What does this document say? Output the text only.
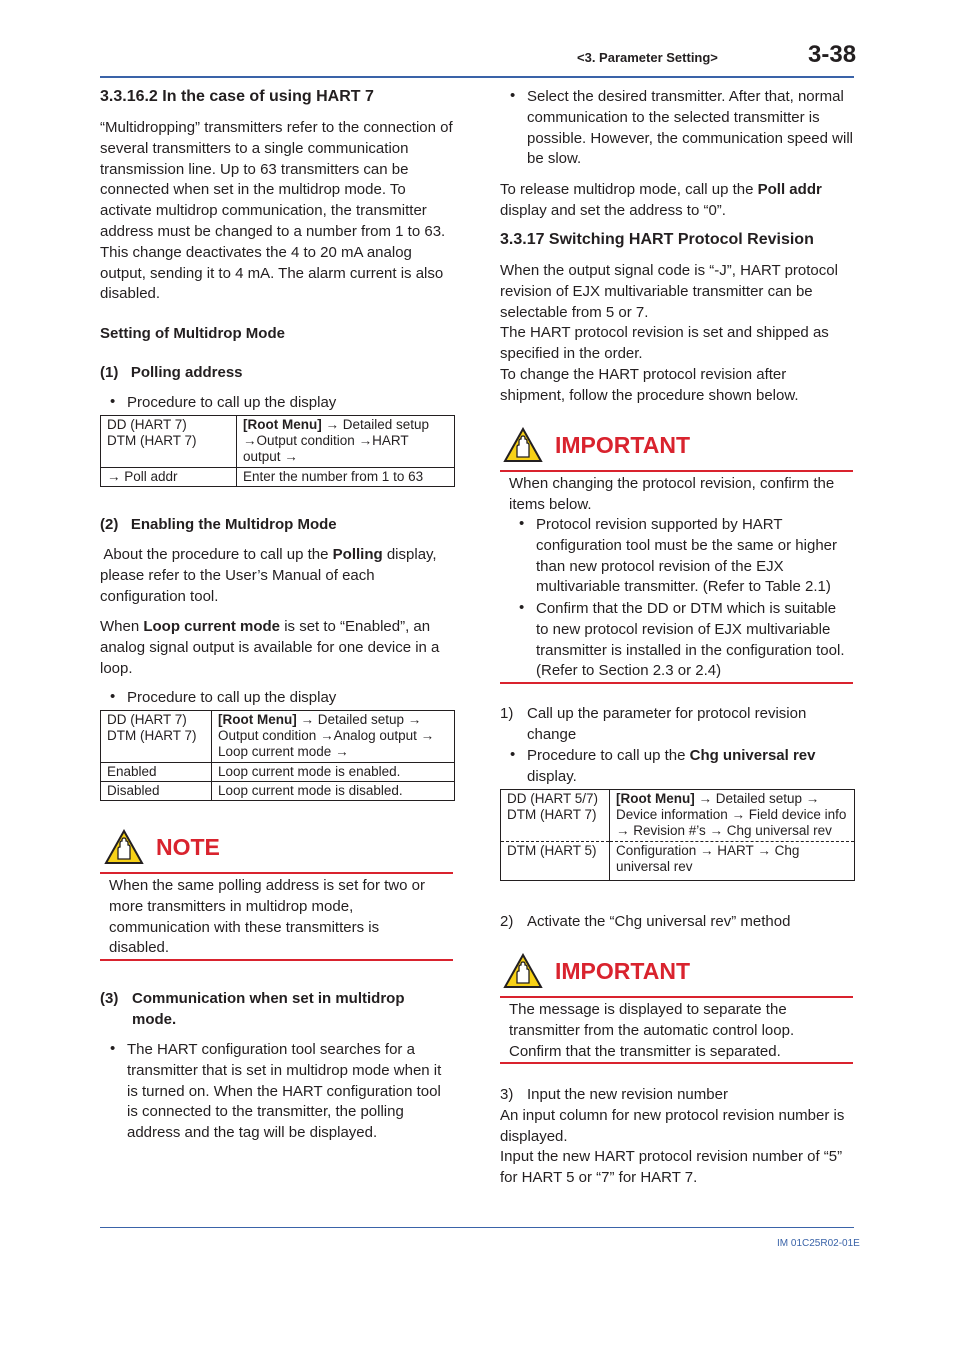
<3. Parameter Setting>	3-38
3.3.16.2 In the case of using HART 7
“Multidropping” transmitters refer to the connection of several transmitters to a single communication transmission line. Up to 63 transmitters can be connected when set in the multidrop mode. To activate multidrop communication, the transmitter address must be changed to a number from 1 to 63. This change deactivates the 4 to 20 mA analog output, sending it to 4 mA. The alarm current is also disabled.
Setting of Multidrop Mode
(1)   Polling address
• Procedure to call up the display
DD (HART 7)
DTM (HART 7)	[Root Menu] → Detailed setup →Output condition →HART output →
→ Poll addr	Enter the number from 1 to 63
(2)   Enabling the Multidrop Mode
About the procedure to call up the Polling display, please refer to the User’s Manual of each configuration tool.
When Loop current mode is set to “Enabled”, an analog signal output is available for one device in a loop.
• Procedure to call up the display
DD (HART 7)
DTM (HART 7)	[Root Menu] → Detailed setup → Output condition →Analog output → Loop current mode →
Enabled	Loop current mode is enabled.
Disabled	Loop current mode is disabled.
NOTE
When the same polling address is set for two or more transmitters in multidrop mode, communication with these transmitters is disabled.
(3) Communication when set in multidrop mode.
• The HART configuration tool searches for a transmitter that is set in multidrop mode when it is turned on. When the HART configuration tool is connected to the transmitter, the polling address and the tag will be displayed.
• Select the desired transmitter. After that, normal communication to the selected transmitter is possible. However, the communication speed will be slow.
To release multidrop mode, call up the Poll addr display and set the address to “0”.
3.3.17 Switching HART Protocol Revision
When the output signal code is “-J”, HART protocol revision of EJX multivariable transmitter can be selectable from 5 or 7.
The HART protocol revision is set and shipped as specified in the order.
To change the HART protocol revision after shipment, follow the procedure shown below.
IMPORTANT
When changing the protocol revision, confirm the items below.
• Protocol revision supported by HART configuration tool must be the same or higher than new protocol revision of the EJX multivariable transmitter. (Refer to Table 2.1)
• Confirm that the DD or DTM which is suitable to new protocol revision of EJX multivariable transmitter is installed in the configuration tool. (Refer to Section 2.3 or 2.4)
1) Call up the parameter for protocol revision change
• Procedure to call up the Chg universal rev display.
DD (HART 5/7)
DTM (HART 7)	[Root Menu] → Detailed setup → Device information → Field device info → Revision #’s → Chg universal rev
DTM (HART 5)	Configuration → HART → Chg universal rev
2) Activate the “Chg universal rev” method
IMPORTANT
The message is displayed to separate the transmitter from the automatic control loop. Confirm that the transmitter is separated.
3) Input the new revision number
An input column for new protocol revision number is displayed.
Input the new HART protocol revision number of “5” for HART 5 or “7” for HART 7.
IM 01C25R02-01E
